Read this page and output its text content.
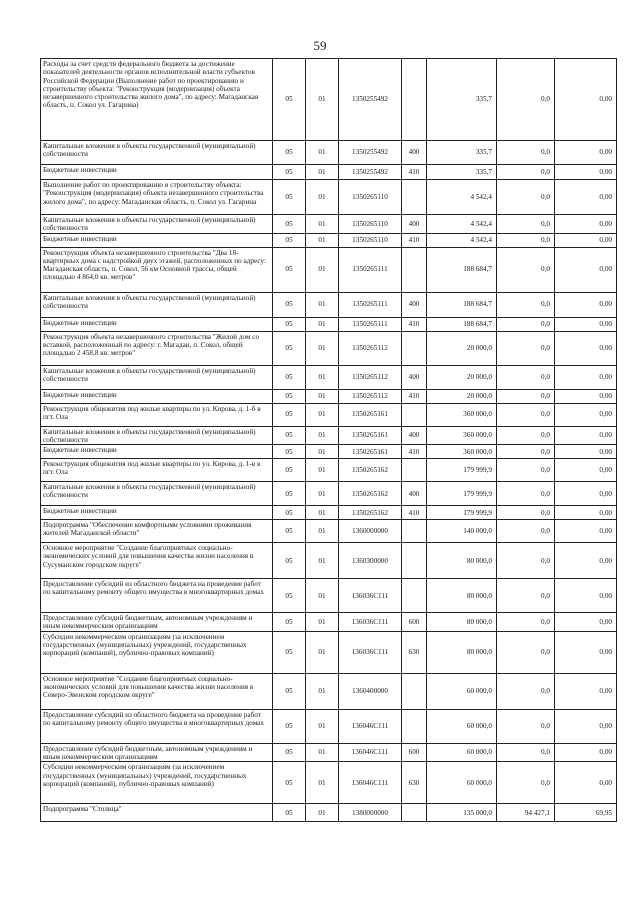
59
Расходы за счет средств федерального бюджета за достижение показателей деятельности органов исполнительной власти субъектов Российской Федерации (Выполнение работ по проектированию и строительству объекта: "Реконструкция (модернизация) объекта незавершенного строительства жилого дома", по адресу: Магаданская область, п. Сокол ул. Гагарина)	05	01	1350255492		335,7	0,0	0,00
Капитальные вложения в объекты государственной (муниципальной) собственности	05	01	1350255492	400	335,7	0,0	0,00
Бюджетные инвестиции	05	01	1350255492	410	335,7	0,0	0,00
Выполнение работ по проектированию и строительству объекта: "Реконструкция (модернизация) объекта незавершенного строительства жилого дома", по адресу: Магаданская область, п. Сокол ул. Гагарина	05	01	1350265110		4 542,4	0,0	0,00
Капитальные вложения в объекты государственной (муниципальной) собственности	05	01	1350265110	400	4 542,4	0,0	0,00
Бюджетные инвестиции	05	01	1350265110	410	4 542,4	0,0	0,00
Реконструкция объекта незавершенного строительства "Два 18-квартирных дома с надстройкой двух этажей, расположенных по адресу: Магаданская область, п. Сокол, 56 км Основной трассы, общей площадью 4 864,0 кв. метров"	05	01	1350265111		188 684,7	0,0	0,00
Капитальные вложения в объекты государственной (муниципальной) собственности	05	01	1350265111	400	188 684,7	0,0	0,00
Бюджетные инвестиции	05	01	1350265111	410	188 684,7	0,0	0,00
Реконструкция объекта незавершенного строительства "Жилой дом со вставкой, расположенный по адресу: г. Магадан, п. Сокол, общей площадью 2 458,8 кв. метров"	05	01	1350265112		20 000,0	0,0	0,00
Капитальные вложения в объекты государственной (муниципальной) собственности	05	01	1350265112	400	20 000,0	0,0	0,00
Бюджетные инвестиции	05	01	1350265112	410	20 000,0	0,0	0,00
Реконструкция общежития под жилые квартиры по ул. Кирова, д. 1-б в пгт. Ола	05	01	1350265161		360 000,0	0,0	0,00
Капитальные вложения в объекты государственной (муниципальной) собственности	05	01	1350265161	400	360 000,0	0,0	0,00
Бюджетные инвестиции	05	01	1350265161	410	360 000,0	0,0	0,00
Реконструкция общежития под жилые квартиры по ул. Кирова, д. 1-в в пгт. Ола	05	01	1350265162		179 999,9	0,0	0,00
Капитальные вложения в объекты государственной (муниципальной) собственности	05	01	1350265162	400	179 999,9	0,0	0,00
Бюджетные инвестиции	05	01	1350265162	410	179 999,9	0,0	0,00
Подпрограмма "Обеспечение комфортными условиями проживания жителей Магаданской области"	05	01	1360000000		140 000,0	0,0	0,00
Основное мероприятие "Создание благоприятных социально-экономических условий для повышения качества жизни населения в Сусуманском городском округе"	05	01	1360300000		80 000,0	0,0	0,00
Предоставление субсидий из областного бюджета на проведение работ по капитальному ремонту общего имущества в многоквартирных домах	05	01	136036С111		80 000,0	0,0	0,00
Предоставление субсидий бюджетным, автономным учреждениям и иным некоммерческим организациям	05	01	136036С111	600	80 000,0	0,0	0,00
Субсидии некоммерческим организациям (за исключением государственных (муниципальных) учреждений, государственных корпораций (компаний), публично-правовых компаний)	05	01	136036С111	630	80 000,0	0,0	0,00
Основное мероприятие "Создание благоприятных социально-экономических условий для повышения качества жизни населения в Северо-Эвенском городском округе"	05	01	1360400000		60 000,0	0,0	0,00
Предоставление субсидий из областного бюджета на проведение работ по капитальному ремонту общего имущества в многоквартирных домах	05	01	136046С111		60 000,0	0,0	0,00
Предоставление субсидий бюджетным, автономным учреждениям и иным некоммерческим организациям	05	01	136046С111	600	60 000,0	0,0	0,00
Субсидии некоммерческим организациям (за исключением государственных (муниципальных) учреждений, государственных корпораций (компаний), публично-правовых компаний)	05	01	136046С111	630	60 000,0	0,0	0,00
Подпрограмма "Столица"	05	01	1380000000		135 000,0	94 427,1	69,95
